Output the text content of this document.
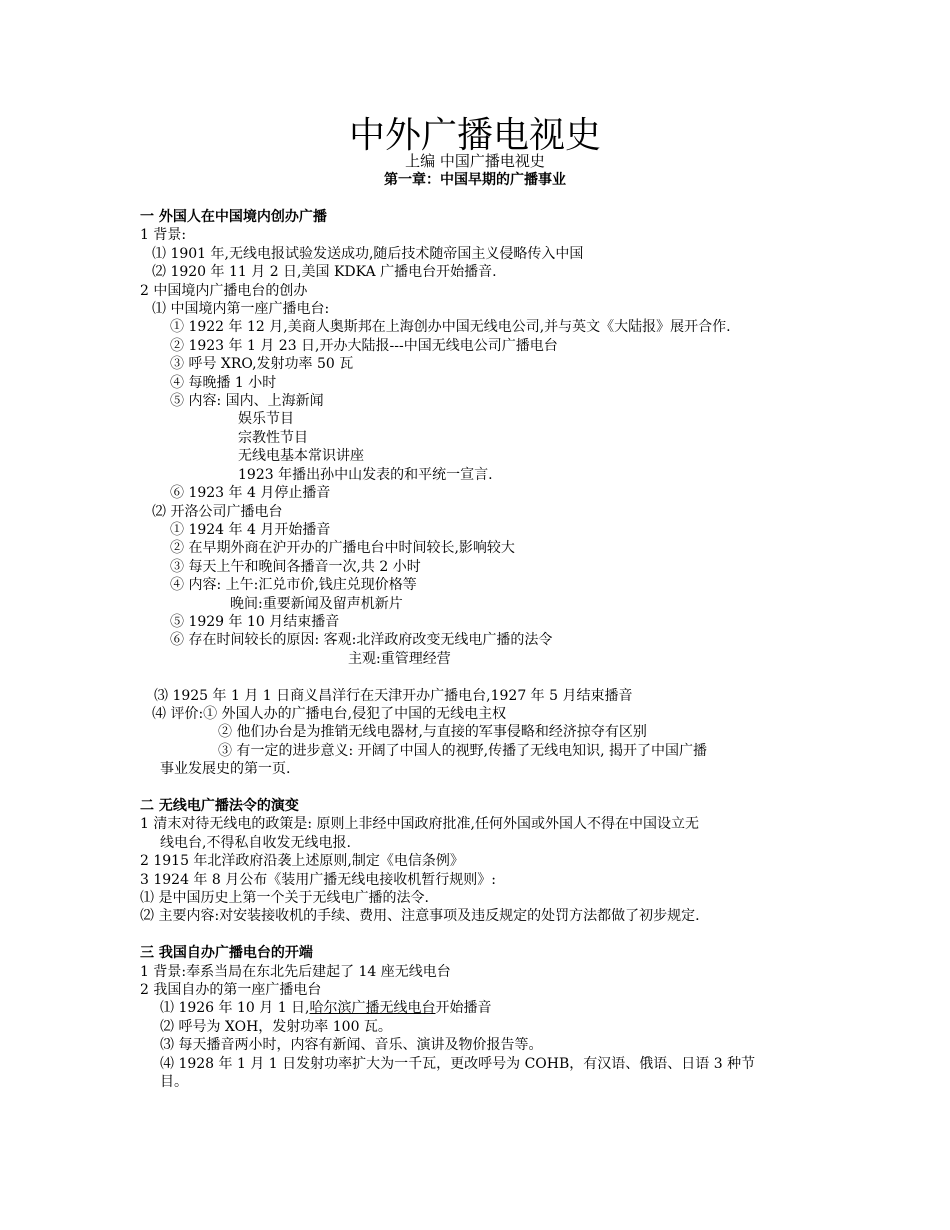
中外广播电视史
上编 中国广播电视史
第一章：中国早期的广播事业
一 外国人在中国境内创办广播
1 背景:
⑴ 1901 年,无线电报试验发送成功,随后技术随帝国主义侵略传入中国
⑵ 1920 年 11 月 2 日,美国 KDKA 广播电台开始播音.
2 中国境内广播电台的创办
⑴ 中国境内第一座广播电台:
① 1922 年 12 月,美商人奥斯邦在上海创办中国无线电公司,并与英文《大陆报》展开合作.
② 1923 年 1 月 23 日,开办大陆报---中国无线电公司广播电台
③ 呼号 XRO,发射功率 50 瓦
④ 每晚播 1 小时
⑤ 内容: 国内、上海新闻
娱乐节目
宗教性节目
无线电基本常识讲座
1923 年播出孙中山发表的和平统一宣言.
⑥ 1923 年 4 月停止播音
⑵ 开洛公司广播电台
① 1924 年 4 月开始播音
② 在早期外商在沪开办的广播电台中时间较长,影响较大
③ 每天上午和晚间各播音一次,共 2 小时
④ 内容: 上午:汇兑市价,钱庄兑现价格等
晚间:重要新闻及留声机新片
⑤ 1929 年 10 月结束播音
⑥ 存在时间较长的原因: 客观:北洋政府改变无线电广播的法令
主观:重管理经营
⑶ 1925 年 1 月 1 日商义昌洋行在天津开办广播电台,1927 年 5 月结束播音
⑷ 评价:① 外国人办的广播电台,侵犯了中国的无线电主权
② 他们办台是为推销无线电器材,与直接的军事侵略和经济掠夺有区别
③ 有一定的进步意义: 开阔了中国人的视野,传播了无线电知识, 揭开了中国广播
事业发展史的第一页.
二 无线电广播法令的演变
1 清末对待无线电的政策是: 原则上非经中国政府批准,任何外国或外国人不得在中国设立无
线电台,不得私自收发无线电报.
2 1915 年北洋政府沿袭上述原则,制定《电信条例》
3 1924 年 8 月公布《装用广播无线电接收机暂行规则》:
⑴ 是中国历史上第一个关于无线电广播的法令.
⑵ 主要内容:对安装接收机的手续、费用、注意事项及违反规定的处罚方法都做了初步规定.
三 我国自办广播电台的开端
1 背景:奉系当局在东北先后建起了 14 座无线电台
2 我国自办的第一座广播电台
⑴ 1926 年 10 月 1 日,哈尔滨广播无线电台开始播音
⑵ 呼号为 XOH，发射功率 100 瓦。
⑶ 每天播音两小时，内容有新闻、音乐、演讲及物价报告等。
⑷ 1928 年 1 月 1 日发射功率扩大为一千瓦，更改呼号为 COHB，有汉语、俄语、日语 3 种节
目。
